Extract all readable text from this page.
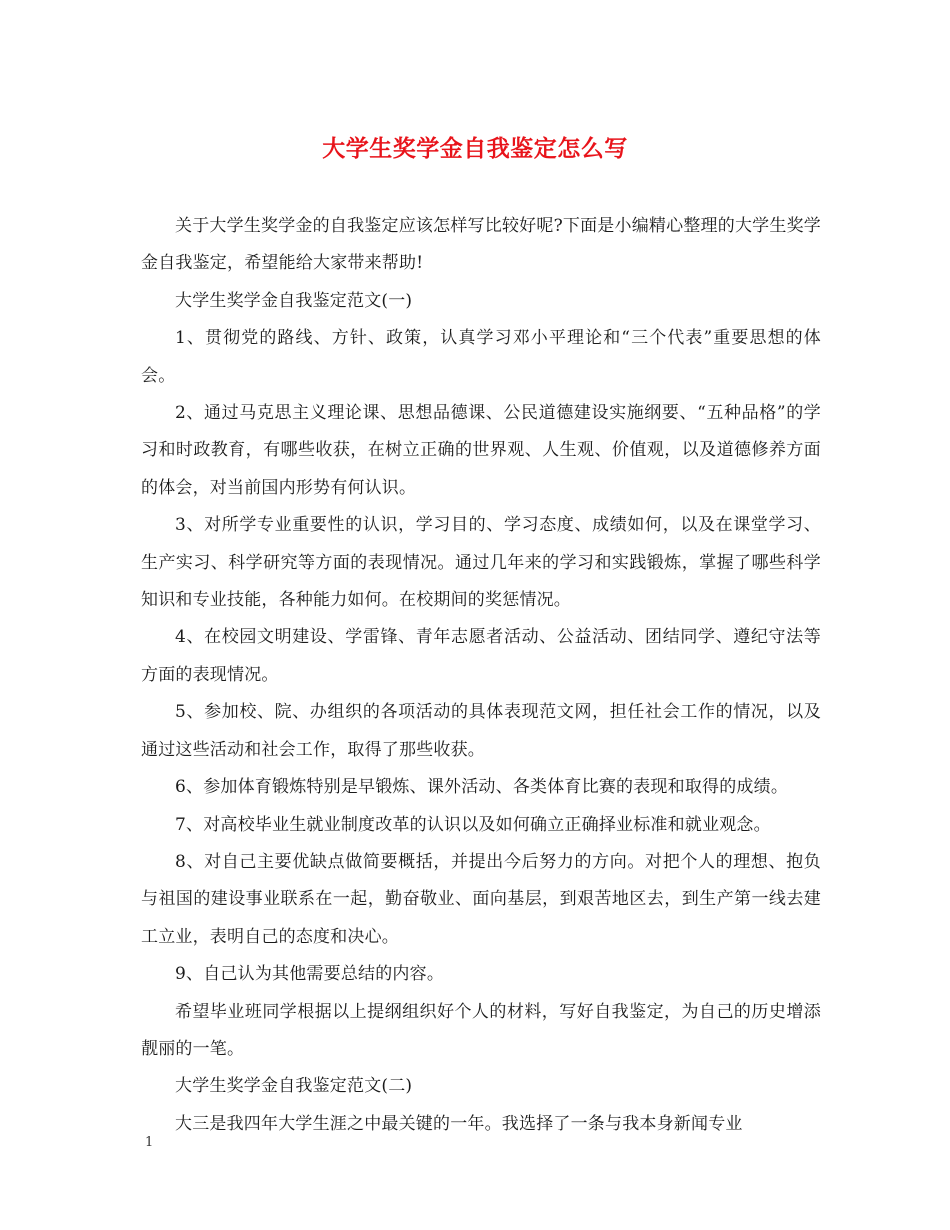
大学生奖学金自我鉴定怎么写

关于大学生奖学金的自我鉴定应该怎样写比较好呢?下面是小编精心整理的大学生奖学金自我鉴定，希望能给大家带来帮助!

大学生奖学金自我鉴定范文(一)

1、贯彻党的路线、方针、政策，认真学习邓小平理论和“三个代表”重要思想的体会。

2、通过马克思主义理论课、思想品德课、公民道德建设实施纲要、“五种品格”的学习和时政教育，有哪些收获，在树立正确的世界观、人生观、价值观，以及道德修养方面的体会，对当前国内形势有何认识。

3、对所学专业重要性的认识，学习目的、学习态度、成绩如何，以及在课堂学习、生产实习、科学研究等方面的表现情况。通过几年来的学习和实践锻炼，掌握了哪些科学知识和专业技能，各种能力如何。在校期间的奖惩情况。

4、在校园文明建设、学雷锋、青年志愿者活动、公益活动、团结同学、遵纪守法等方面的表现情况。

5、参加校、院、办组织的各项活动的具体表现范文网，担任社会工作的情况，以及通过这些活动和社会工作，取得了那些收获。

6、参加体育锻炼特别是早锻炼、课外活动、各类体育比赛的表现和取得的成绩。

7、对高校毕业生就业制度改革的认识以及如何确立正确择业标准和就业观念。

8、对自己主要优缺点做简要概括，并提出今后努力的方向。对把个人的理想、抱负与祖国的建设事业联系在一起，勤奋敬业、面向基层，到艰苦地区去，到生产第一线去建工立业，表明自己的态度和决心。

9、自己认为其他需要总结的内容。

希望毕业班同学根据以上提纲组织好个人的材料，写好自我鉴定，为自己的历史增添靓丽的一笔。

大学生奖学金自我鉴定范文(二)

大三是我四年大学生涯之中最关键的一年。我选择了一条与我本身新闻专业

1
